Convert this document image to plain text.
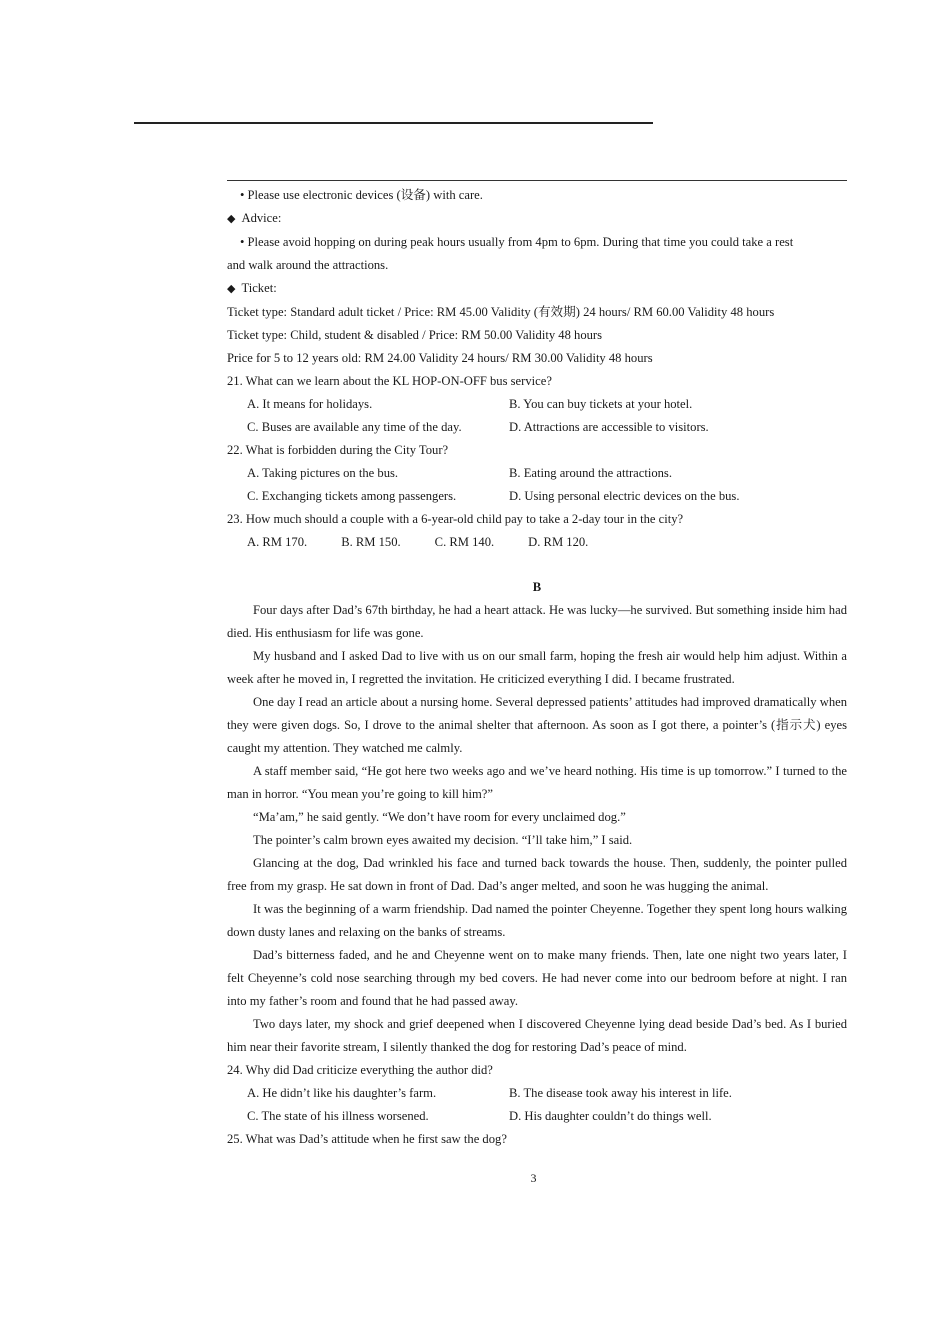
• Please use electronic devices (设备) with care.
◆ Advice:
• Please avoid hopping on during peak hours usually from 4pm to 6pm. During that time you could take a rest
and walk around the attractions.
◆ Ticket:
Ticket type: Standard adult ticket / Price: RM 45.00 Validity (有效期) 24 hours/ RM 60.00 Validity 48 hours
Ticket type: Child, student & disabled / Price: RM 50.00 Validity 48 hours
Price for 5 to 12 years old: RM 24.00 Validity 24 hours/ RM 30.00 Validity 48 hours
21. What can we learn about the KL HOP-ON-OFF bus service?
A. It means for holidays.	B. You can buy tickets at your hotel.
C. Buses are available any time of the day.	D. Attractions are accessible to visitors.
22. What is forbidden during the City Tour?
A. Taking pictures on the bus.	B. Eating around the attractions.
C. Exchanging tickets among passengers.	D. Using personal electric devices on the bus.
23. How much should a couple with a 6-year-old child pay to take a 2-day tour in the city?
A. RM 170.	B. RM 150.	C. RM 140.	D. RM 120.
B
Four days after Dad’s 67th birthday, he had a heart attack. He was lucky—he survived. But something inside him had died. His enthusiasm for life was gone.
My husband and I asked Dad to live with us on our small farm, hoping the fresh air would help him adjust. Within a week after he moved in, I regretted the invitation. He criticized everything I did. I became frustrated.
One day I read an article about a nursing home. Several depressed patients’ attitudes had improved dramatically when they were given dogs. So, I drove to the animal shelter that afternoon. As soon as I got there, a pointer’s (指示犬) eyes caught my attention. They watched me calmly.
A staff member said, “He got here two weeks ago and we’ve heard nothing. His time is up tomorrow.” I turned to the man in horror. “You mean you’re going to kill him?”
“Ma’am,” he said gently. “We don’t have room for every unclaimed dog.”
The pointer’s calm brown eyes awaited my decision. “I’ll take him,” I said.
Glancing at the dog, Dad wrinkled his face and turned back towards the house. Then, suddenly, the pointer pulled free from my grasp. He sat down in front of Dad. Dad’s anger melted, and soon he was hugging the animal.
It was the beginning of a warm friendship. Dad named the pointer Cheyenne. Together they spent long hours walking down dusty lanes and relaxing on the banks of streams.
Dad’s bitterness faded, and he and Cheyenne went on to make many friends. Then, late one night two years later, I felt Cheyenne’s cold nose searching through my bed covers. He had never come into our bedroom before at night. I ran into my father’s room and found that he had passed away.
Two days later, my shock and grief deepened when I discovered Cheyenne lying dead beside Dad’s bed. As I buried him near their favorite stream, I silently thanked the dog for restoring Dad’s peace of mind.
24. Why did Dad criticize everything the author did?
A. He didn’t like his daughter’s farm.	B. The disease took away his interest in life.
C. The state of his illness worsened.	D. His daughter couldn’t do things well.
25. What was Dad’s attitude when he first saw the dog?
3
